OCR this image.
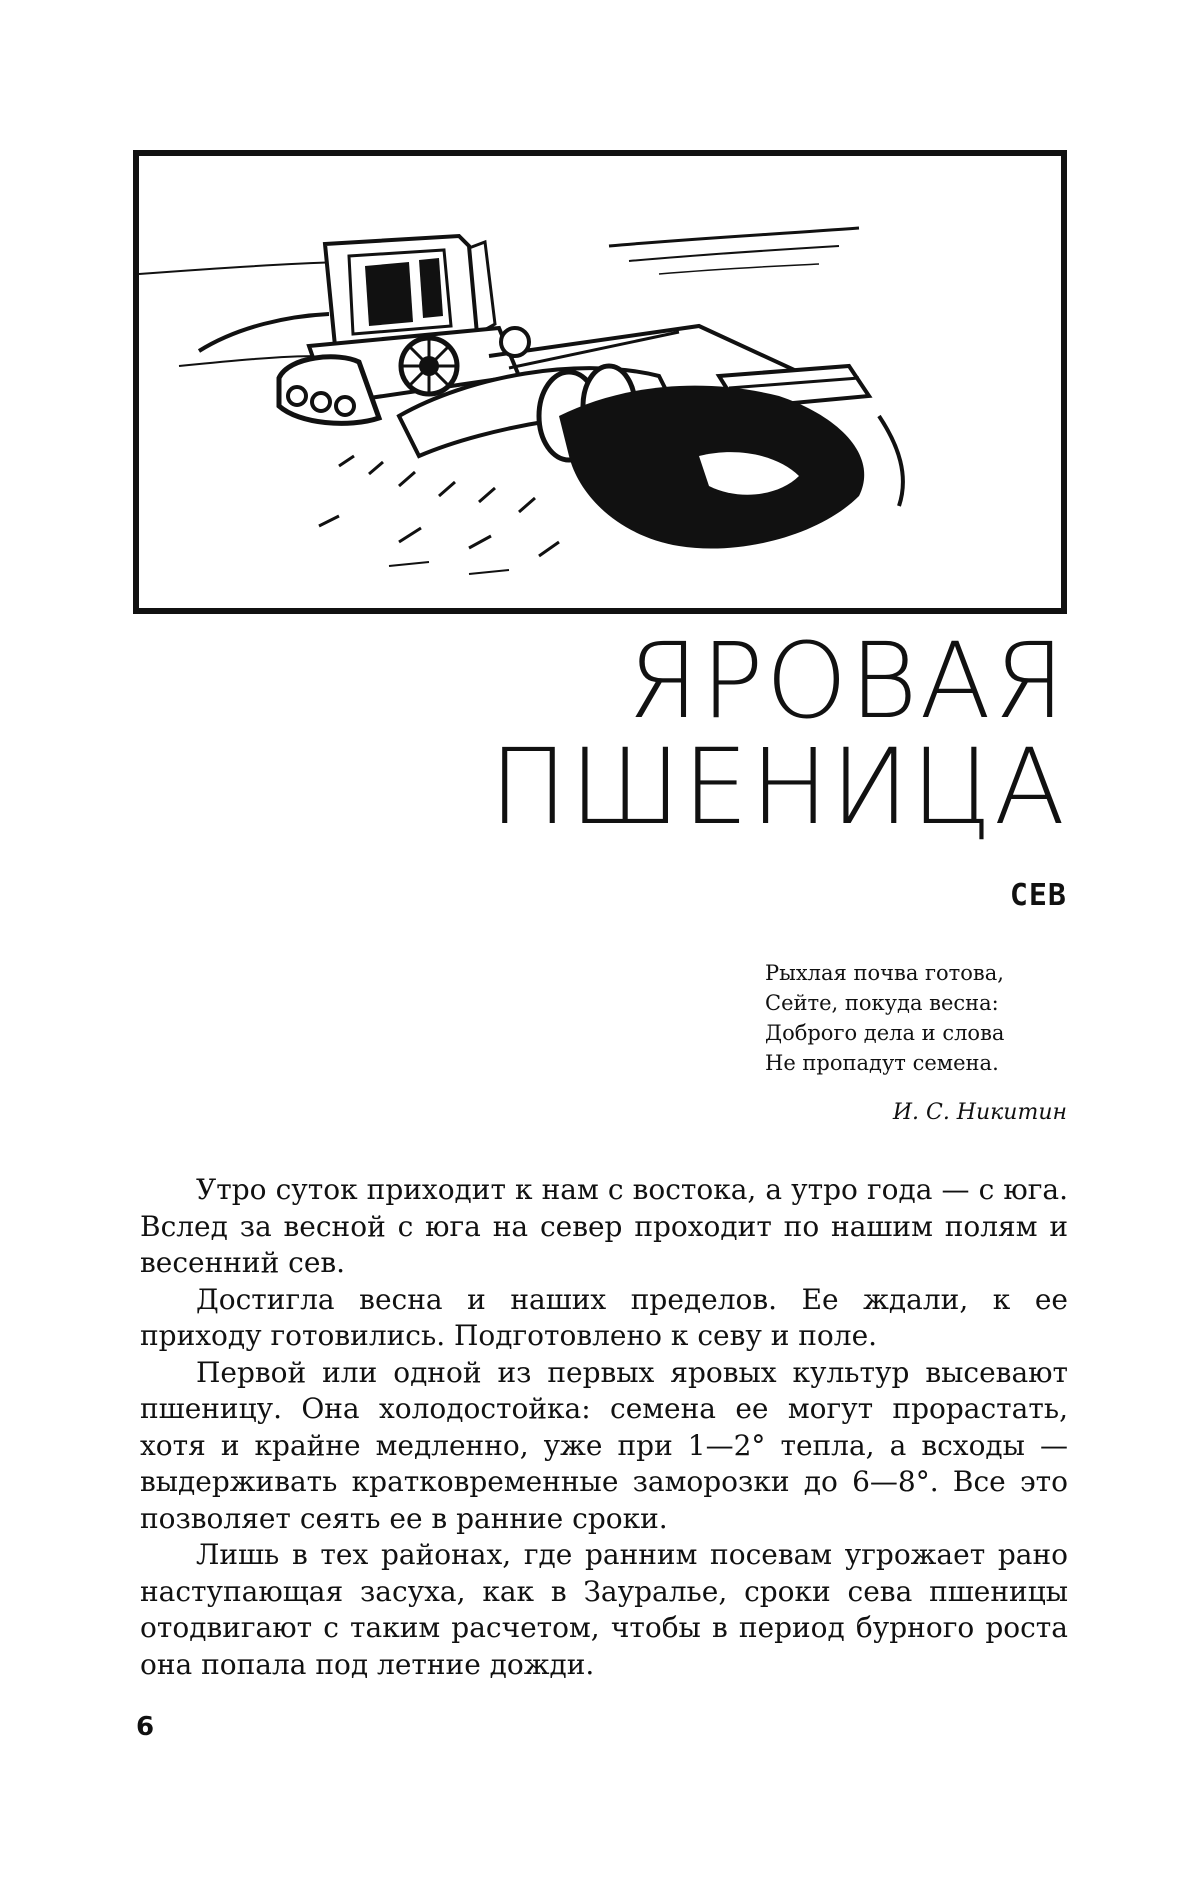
ЯРОВАЯ
ПШЕНИЦА
СЕВ
Рыхлая почва готова,
Сейте, покуда весна:
Доброго дела и слова
Не пропадут семена.
И. С. Никитин

Утро суток приходит к нам с востока, а утро года — с юга. Вслед за весной с юга на север проходит по нашим полям и весенний сев.

Достигла весна и наших пределов. Ее ждали, к ее приходу готовились. Подготовлено к севу и поле.

Первой или одной из первых яровых культур высевают пшеницу. Она холодостойка: семена ее могут прорастать, хотя и крайне медленно, уже при 1—2° тепла, а всходы — выдерживать кратковременные заморозки до 6—8°. Все это позволяет сеять ее в ранние сроки.

Лишь в тех районах, где ранним посевам угрожает рано наступающая засуха, как в Зауралье, сроки сева пшеницы отодвигают с таким расчетом, чтобы в период бурного роста она попала под летние дожди.

6
